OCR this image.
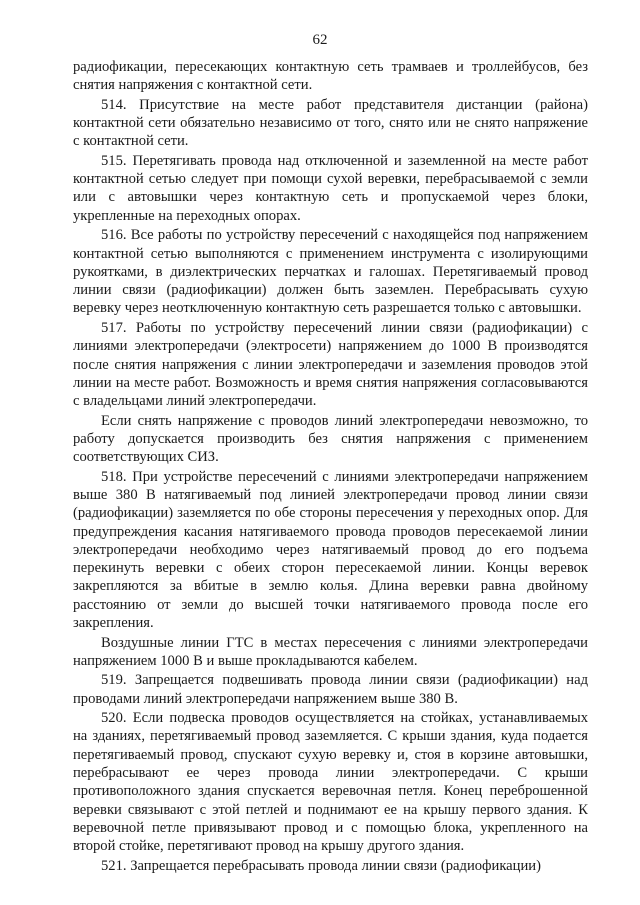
62

радиофикации, пересекающих контактную сеть трамваев и троллейбусов, без снятия напряжения с контактной сети.

514. Присутствие на месте работ представителя дистанции (района) контактной сети обязательно независимо от того, снято или не снято напряжение с контактной сети.

515. Перетягивать провода над отключенной и заземленной на месте работ контактной сетью следует при помощи сухой веревки, перебрасываемой с земли или с автовышки через контактную сеть и пропускаемой через блоки, укрепленные на переходных опорах.

516. Все работы по устройству пересечений с находящейся под напряжением контактной сетью выполняются с применением инструмента с изолирующими рукоятками, в диэлектрических перчатках и галошах. Перетягиваемый провод линии связи (радиофикации) должен быть заземлен. Перебрасывать сухую веревку через неотключенную контактную сеть разрешается только с автовышки.

517. Работы по устройству пересечений линии связи (радиофикации) с линиями электропередачи (электросети) напряжением до 1000 В производятся после снятия напряжения с линии электропередачи и заземления проводов этой линии на месте работ. Возможность и время снятия напряжения согласовываются с владельцами линий электропередачи.

Если снять напряжение с проводов линий электропередачи невозможно, то работу допускается производить без снятия напряжения с применением соответствующих СИЗ.

518. При устройстве пересечений с линиями электропередачи напряжением выше 380 В натягиваемый под линией электропередачи провод линии связи (радиофикации) заземляется по обе стороны пересечения у переходных опор. Для предупреждения касания натягиваемого провода проводов пересекаемой линии электропередачи необходимо через натягиваемый провод до его подъема перекинуть веревки с обеих сторон пересекаемой линии. Концы веревок закрепляются за вбитые в землю колья. Длина веревки равна двойному расстоянию от земли до высшей точки натягиваемого провода после его закрепления.

Воздушные линии ГТС в местах пересечения с линиями электропередачи напряжением 1000 В и выше прокладываются кабелем.

519. Запрещается подвешивать провода линии связи (радиофикации) над проводами линий электропередачи напряжением выше 380 В.

520. Если подвеска проводов осуществляется на стойках, устанавливаемых на зданиях, перетягиваемый провод заземляется. С крыши здания, куда подается перетягиваемый провод, спускают сухую веревку и, стоя в корзине автовышки, перебрасывают ее через провода линии электропередачи. С крыши противоположного здания спускается веревочная петля. Конец переброшенной веревки связывают с этой петлей и поднимают ее на крышу первого здания. К веревочной петле привязывают провод и с помощью блока, укрепленного на второй стойке, перетягивают провод на крышу другого здания.

521. Запрещается перебрасывать провода линии связи (радиофикации)
